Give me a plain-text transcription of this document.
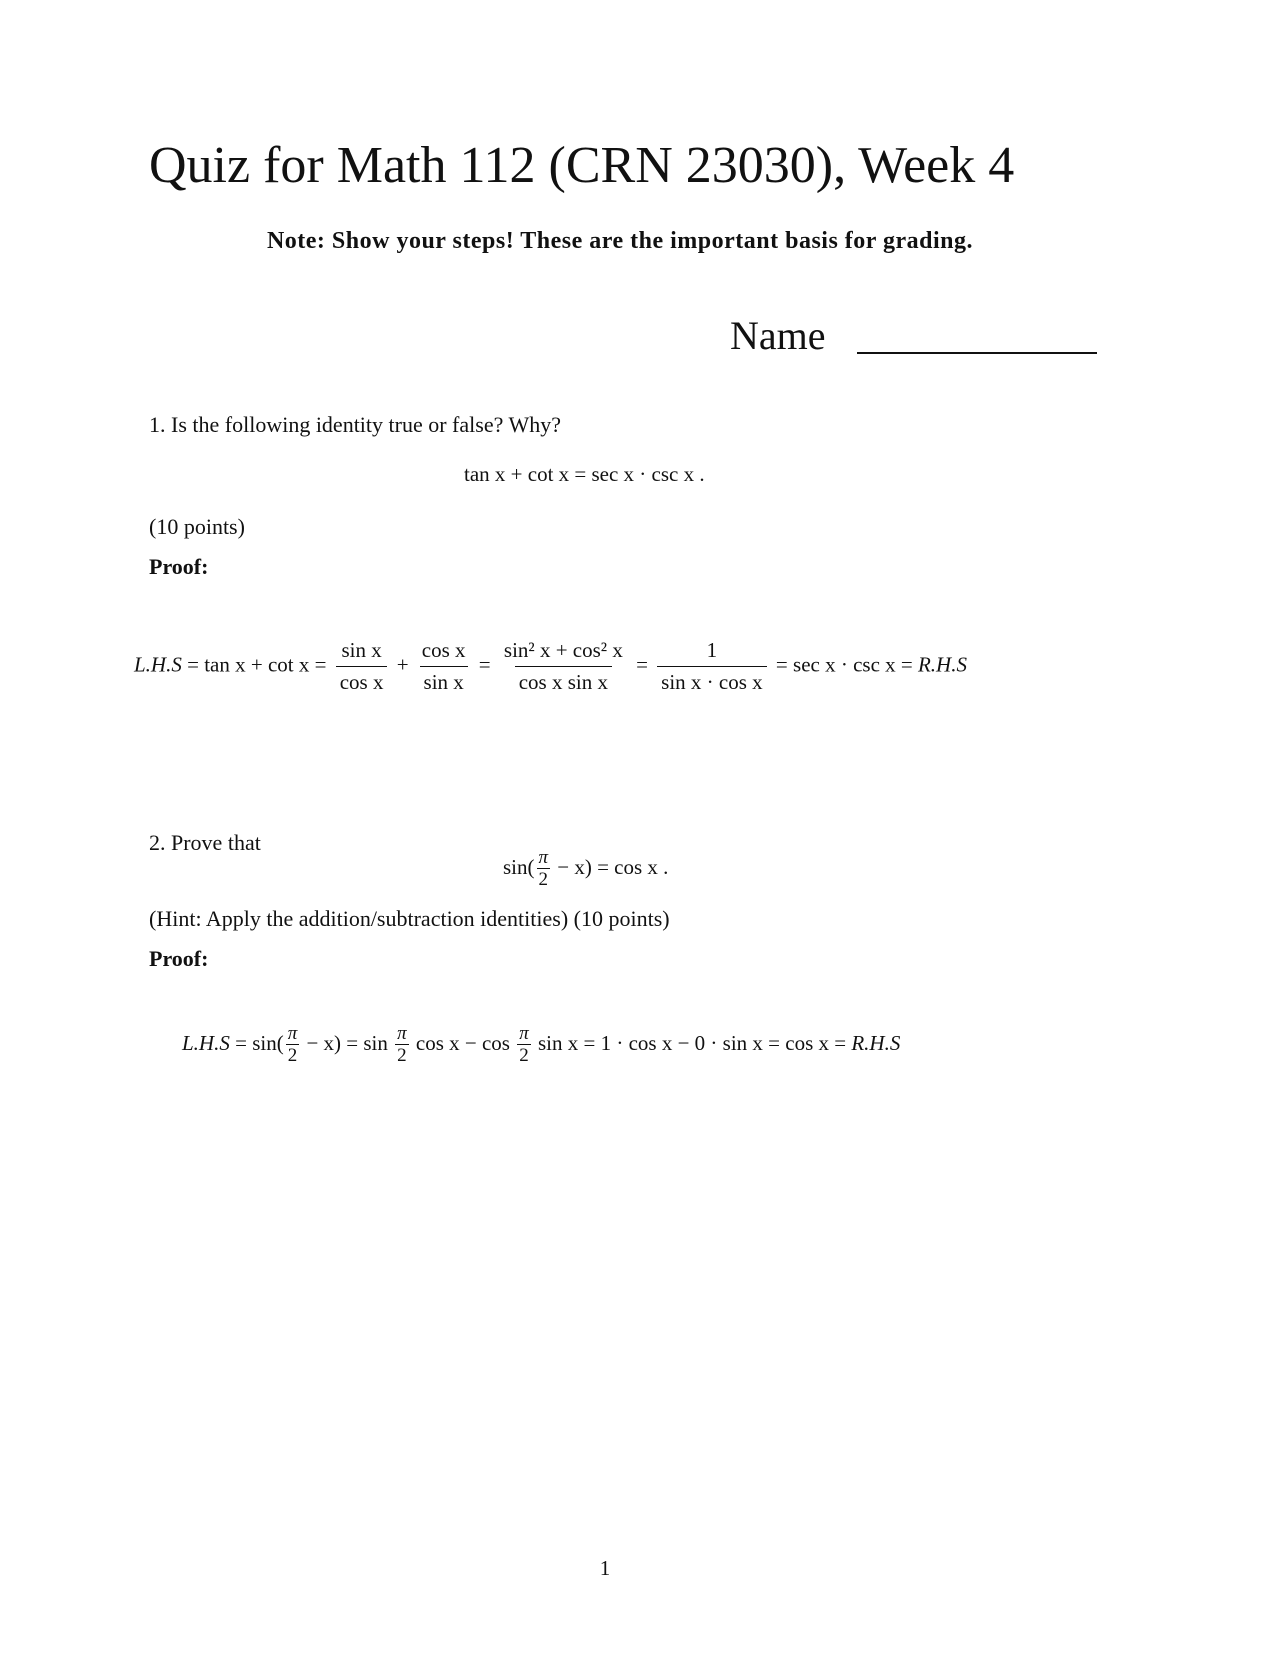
Quiz for Math 112 (CRN 23030), Week 4
Note: Show your steps! These are the important basis for grading.
Name
1. Is the following identity true or false? Why?
tan x + cot x = sec x · csc x .
(10 points)
Proof:
$L.H.S = \tan x + \cot x = \frac{\text{sin x}}{\text{cos x}} + \frac{\text{cos x}}{\text{sin x}} = \frac{\text{sin² x + cos² x}}{\text{cos x sin x}} = \frac{1}{\text{sin x · cos x}} = \sec x \cdot \csc x = R.H.S$
2. Prove that
$\sin( \frac{\pi}{2} - x) = \cos x$ .
(Hint: Apply the addition/subtraction identities) (10 points)
Proof:
$L.H.S = \sin( \frac{\pi}{2} - x) = \sin \frac{\pi}{2}$ $\cos x - \cos \frac{\pi}{2}$ sin x = 1 · cos x − 0 · sin x = cos x = R.H.S
1
